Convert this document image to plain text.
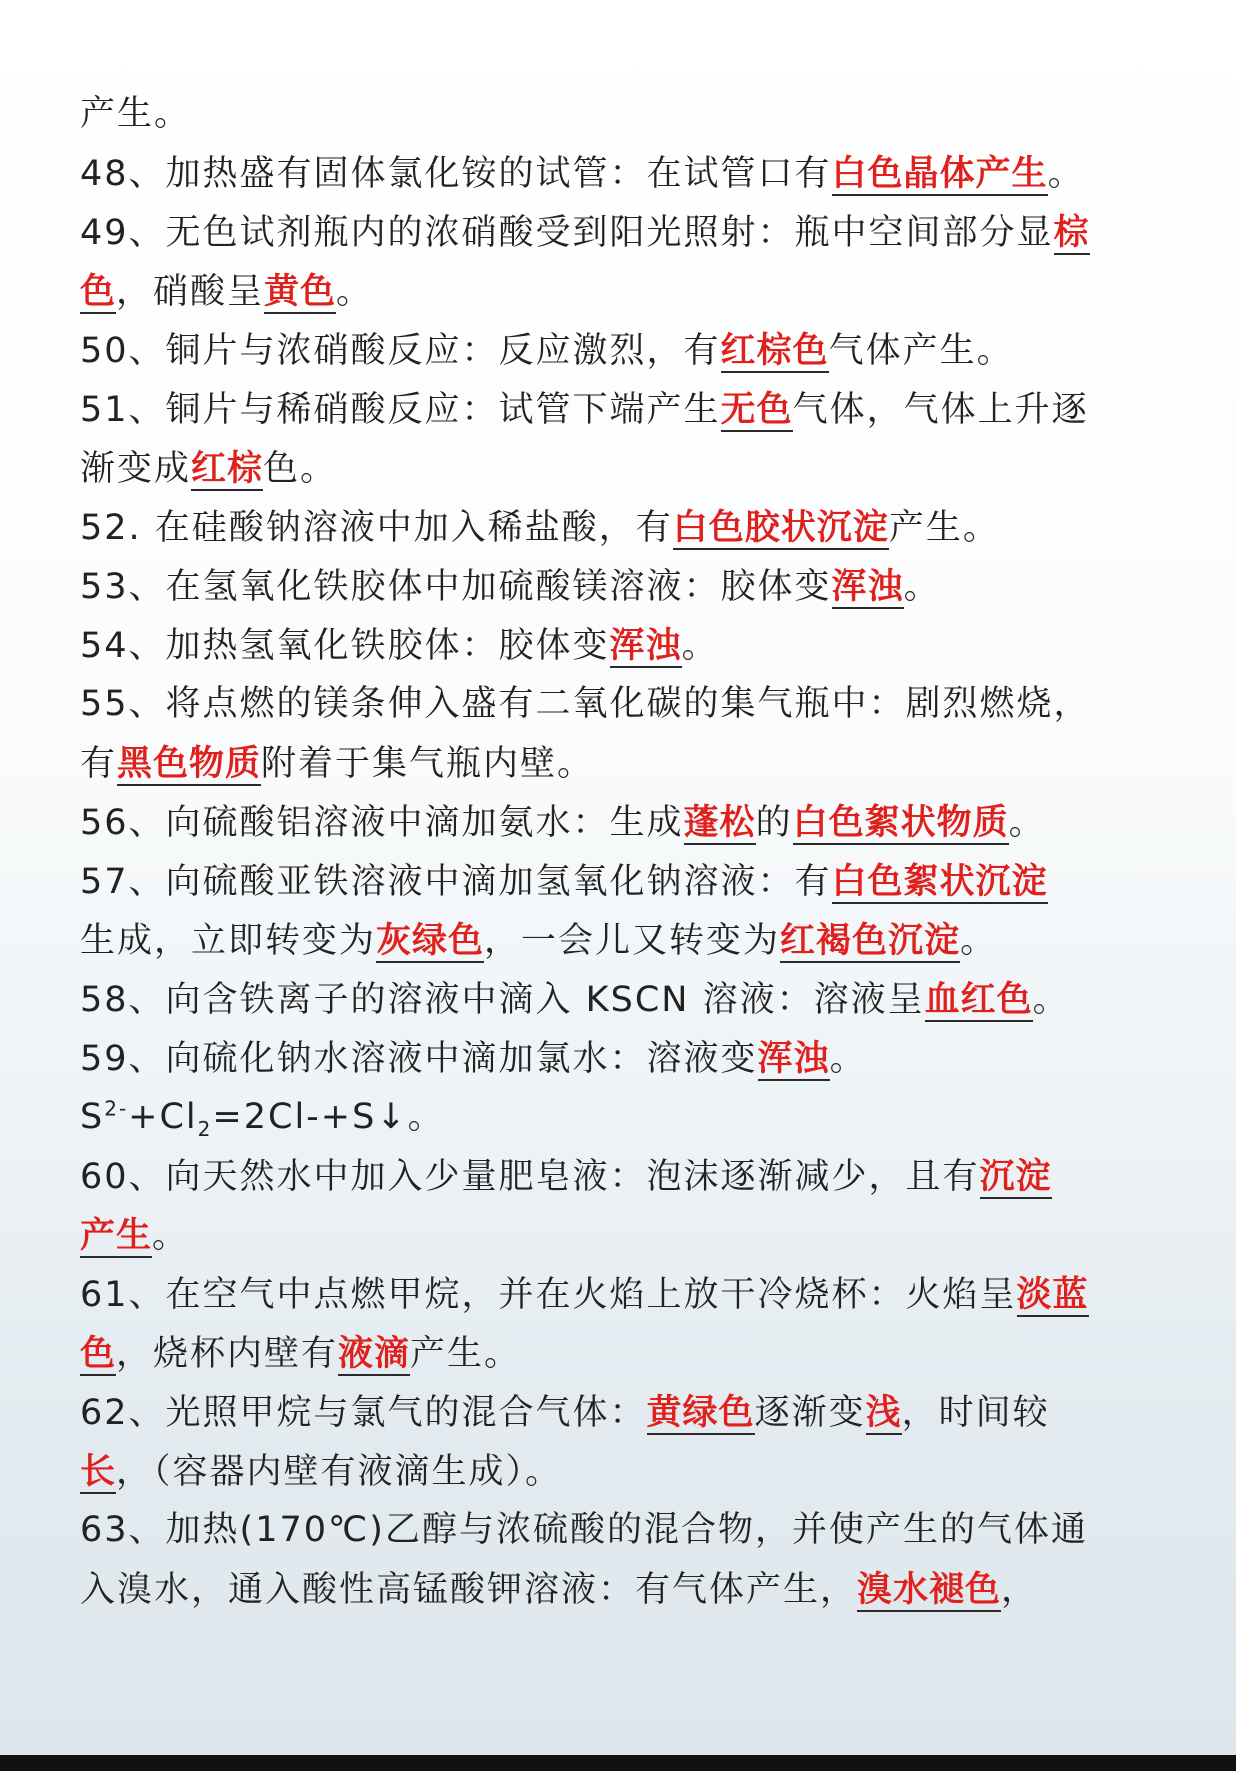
产生。
48、加热盛有固体氯化铵的试管：在试管口有白色晶体产生。
49、无色试剂瓶内的浓硝酸受到阳光照射：瓶中空间部分显棕
色，硝酸呈黄色。
50、铜片与浓硝酸反应：反应激烈，有红棕色气体产生。
51、铜片与稀硝酸反应：试管下端产生无色气体，气体上升逐
渐变成红棕色。
52. 在硅酸钠溶液中加入稀盐酸，有白色胶状沉淀产生。
53、在氢氧化铁胶体中加硫酸镁溶液：胶体变浑浊。
54、加热氢氧化铁胶体：胶体变浑浊。
55、将点燃的镁条伸入盛有二氧化碳的集气瓶中：剧烈燃烧，
有黑色物质附着于集气瓶内壁。
56、向硫酸铝溶液中滴加氨水：生成蓬松的白色絮状物质。
57、向硫酸亚铁溶液中滴加氢氧化钠溶液：有白色絮状沉淀
生成，立即转变为灰绿色，一会儿又转变为红褐色沉淀。
58、向含铁离子的溶液中滴入 KSCN 溶液：溶液呈血红色。
59、向硫化钠水溶液中滴加氯水：溶液变浑浊。
$S^{2-}+Cl_2=2Cl-+S↓$。
60、向天然水中加入少量肥皂液：泡沫逐渐减少，且有沉淀
产生。
61、在空气中点燃甲烷，并在火焰上放干冷烧杯：火焰呈淡蓝
色，烧杯内壁有液滴产生。
62、光照甲烷与氯气的混合气体：黄绿色逐渐变浅，时间较
长，（容器内壁有液滴生成）。
63、加热(170℃)乙醇与浓硫酸的混合物，并使产生的气体通
入溴水，通入酸性高锰酸钾溶液：有气体产生，溴水褪色，
